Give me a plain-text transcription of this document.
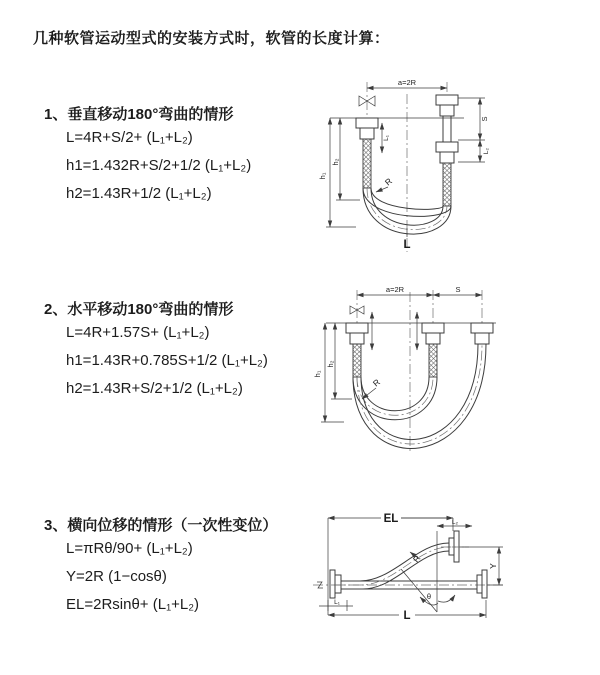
几种软管运动型式的安装方式时，软管的长度计算：
1、垂直移动180°弯曲的情形
L=4R+S/2+ (L₁+L₂)
h1=1.432R+S/2+1/2 (L₁+L₂)
h2=1.43R+1/2 (L₁+L₂)
a=2R
h₁
h₂
L₁
S
L₂
R
L
2、水平移动180°弯曲的情形
L=4R+1.57S+ (L₁+L₂)
h1=1.43R+0.785S+1/2 (L₁+L₂)
h2=1.43R+S/2+1/2 (L₁+L₂)
a=2R	S
h₁
h₂
R
3、横向位移的情形（一次性变位）
L=πRθ/90+ (L₁+L₂)
Y=2R (1−cosθ)
EL=2Rsinθ+ (L₁+L₂)
EL	L₂
Y
θ
R
L₁
L
